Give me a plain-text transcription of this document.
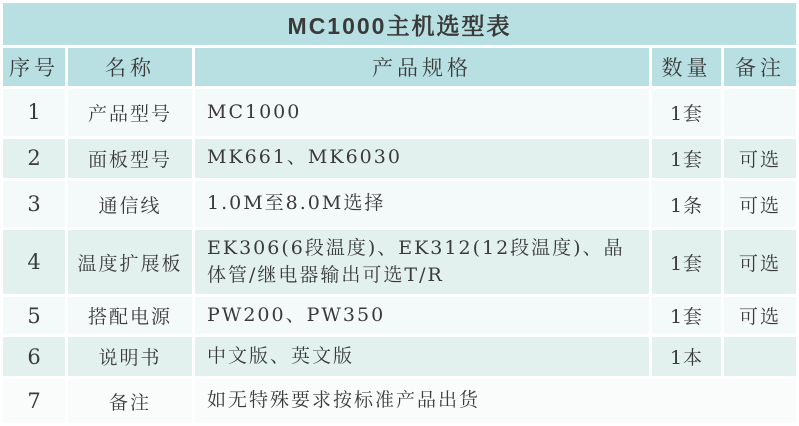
MC1000主机选型表				
序号	名称	产品规格	数量	备注
1	产品型号	MC1000	1套	
2	面板型号	MK661、MK6030	1套	可选
3	通信线	1.0M至8.0M选择	1条	可选
4	温度扩展板	EK306(6段温度)、EK312(12段温度)、晶体管/继电器输出可选T/R	1套	可选
5	搭配电源	PW200、PW350	1套	可选
6	说明书	中文版、英文版	1本	
7	备注	如无特殊要求按标准产品出货		
